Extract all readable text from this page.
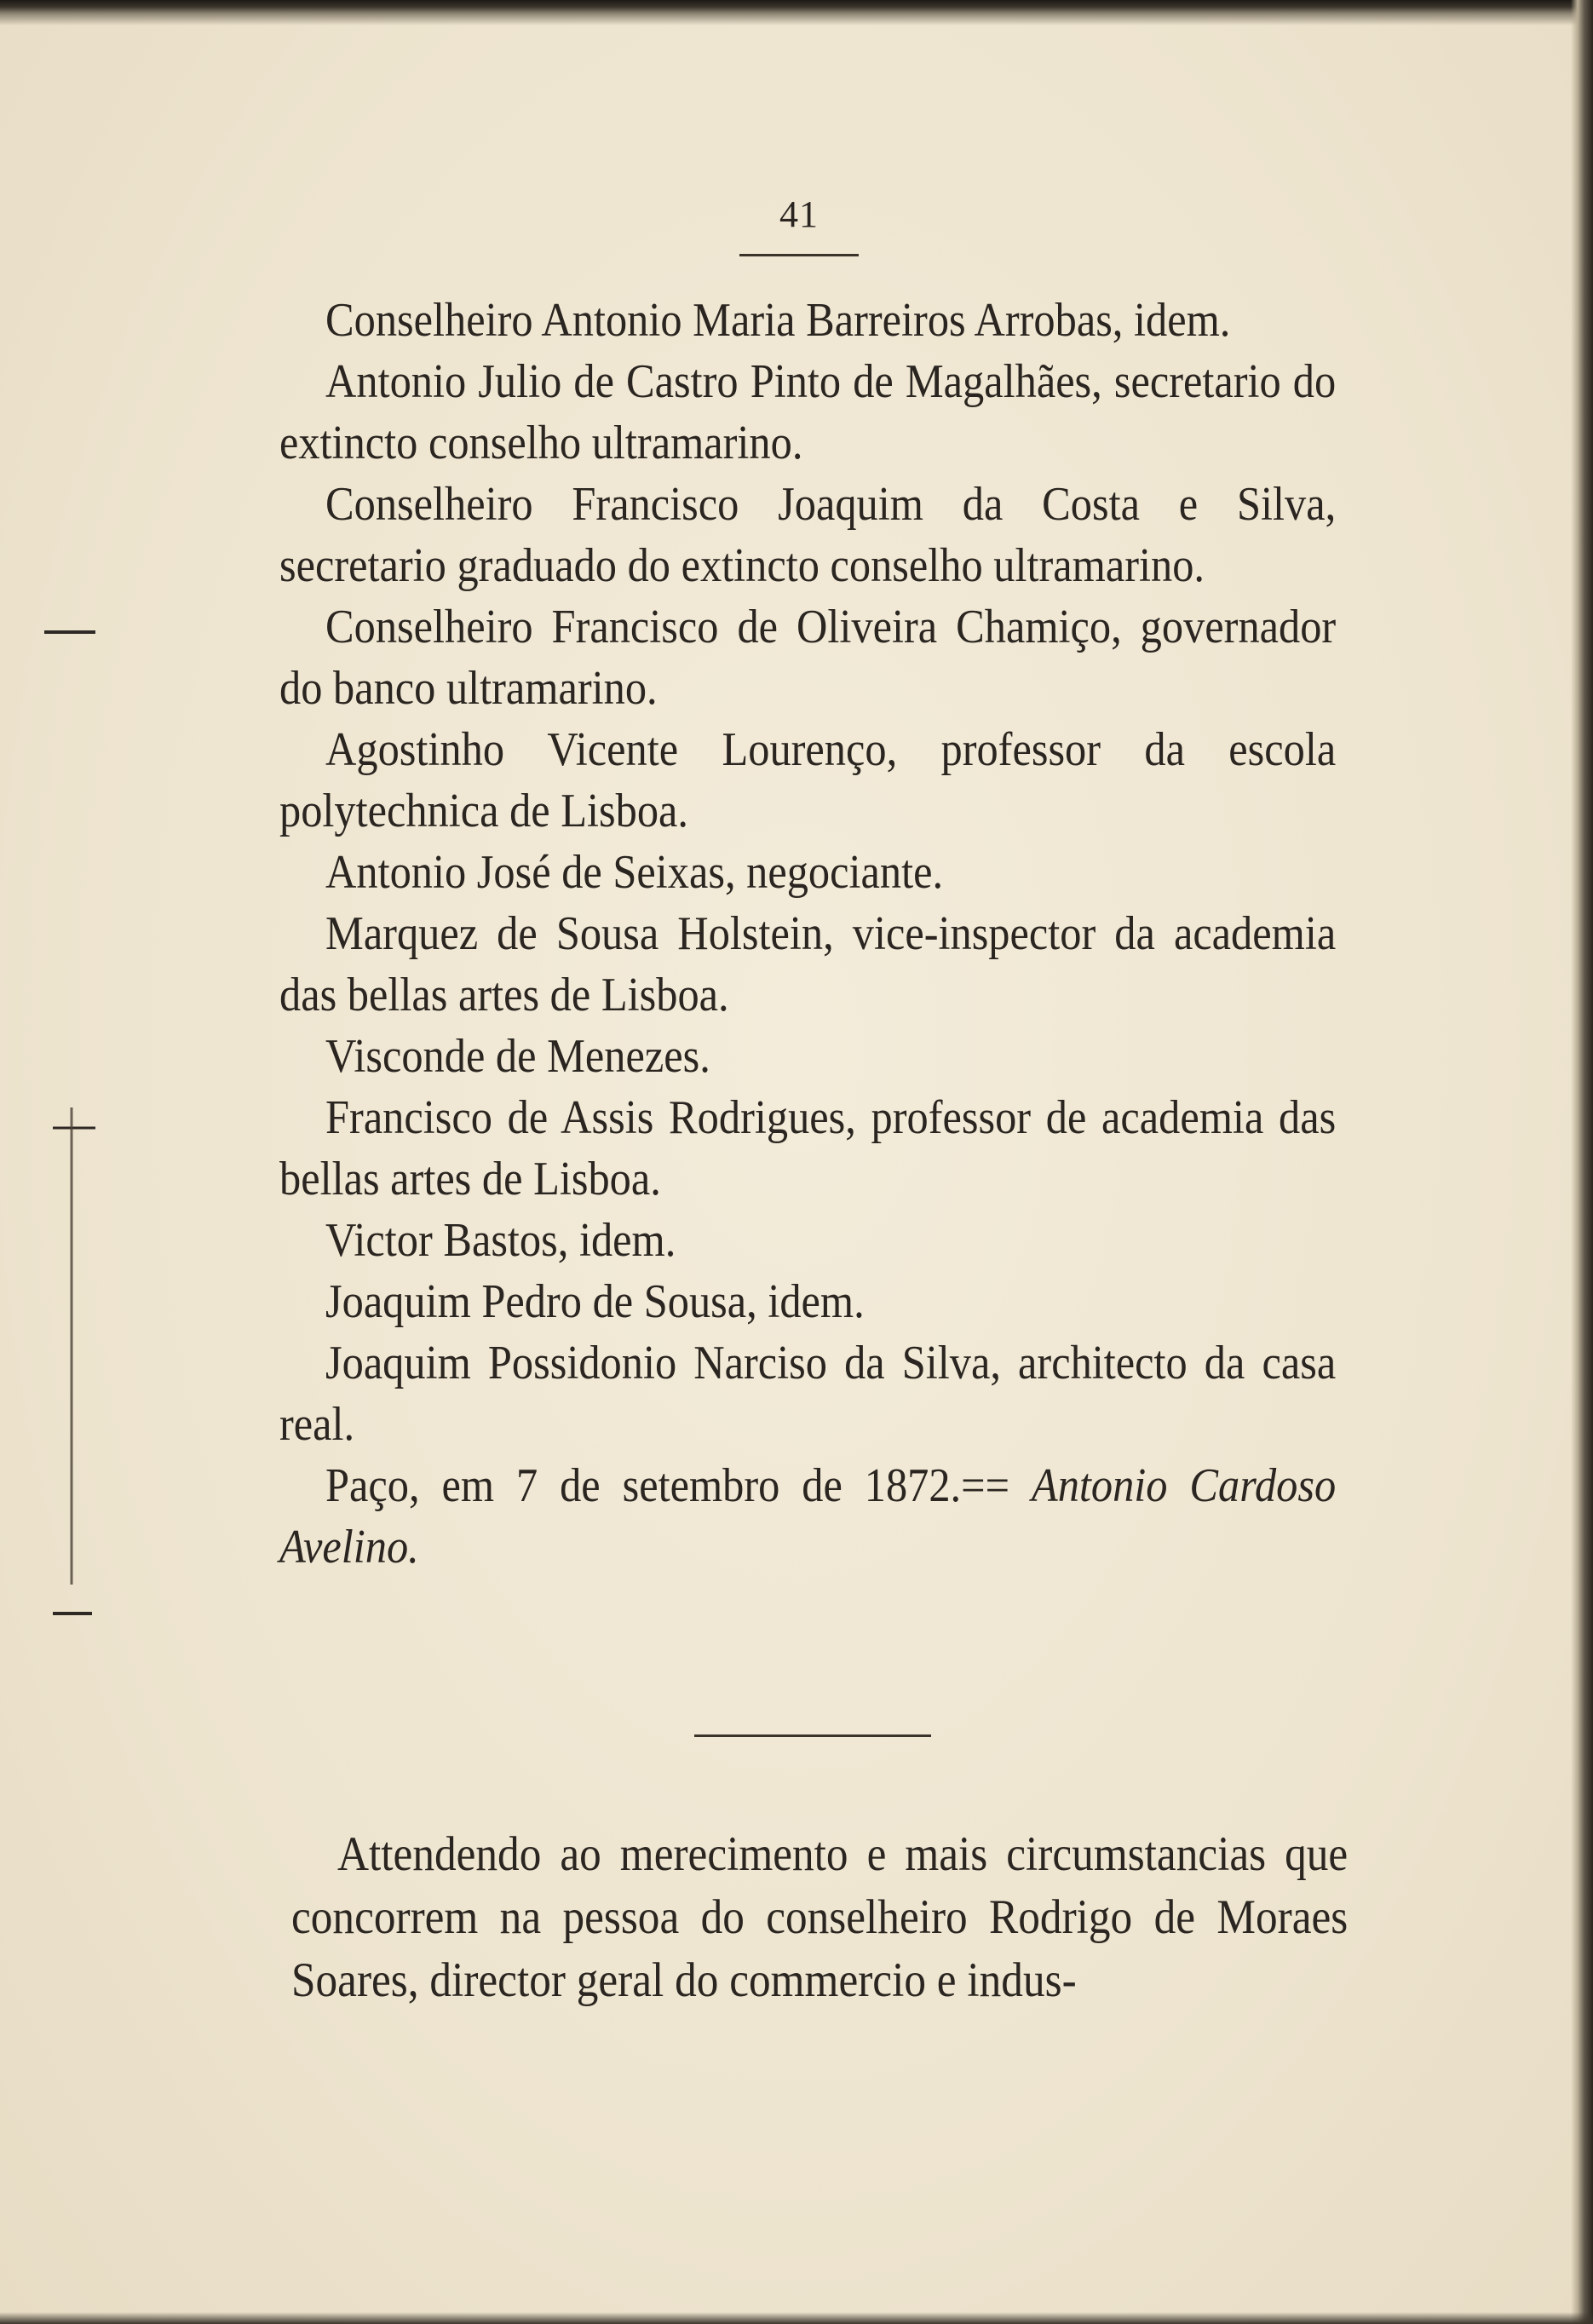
41

Conselheiro Antonio Maria Barreiros Arrobas, idem.

Antonio Julio de Castro Pinto de Magalhães, secretario do extincto conselho ultramarino.

Conselheiro Francisco Joaquim da Costa e Silva, secretario graduado do extincto conselho ultramarino.

Conselheiro Francisco de Oliveira Chamiço, governador do banco ultramarino.

Agostinho Vicente Lourenço, professor da escola polytechnica de Lisboa.

Antonio José de Seixas, negociante.

Marquez de Sousa Holstein, vice-inspector da academia das bellas artes de Lisboa.

Visconde de Menezes.

Francisco de Assis Rodrigues, professor de academia das bellas artes de Lisboa.

Victor Bastos, idem.

Joaquim Pedro de Sousa, idem.

Joaquim Possidonio Narciso da Silva, architecto da casa real.

Paço, em 7 de setembro de 1872.== Antonio Cardoso Avelino.

Attendendo ao merecimento e mais circumstancias que concorrem na pessoa do conselheiro Rodrigo de Moraes Soares, director geral do commercio e indus-
